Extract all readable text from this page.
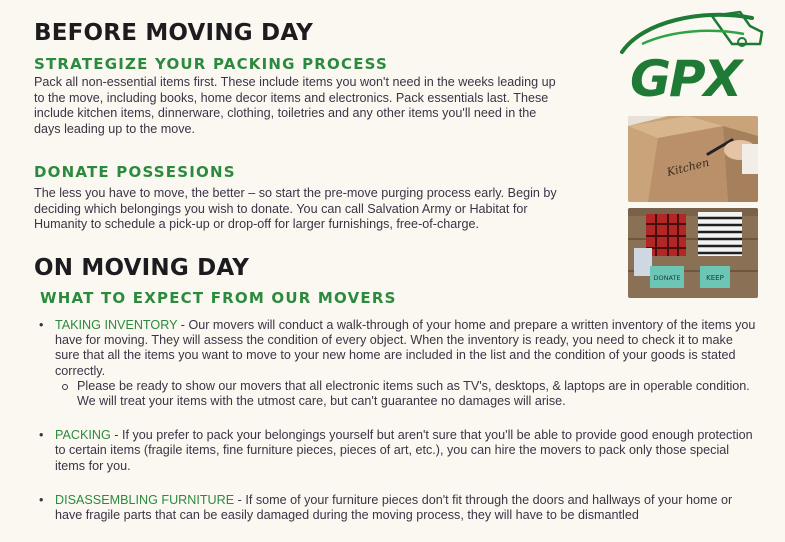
BEFORE MOVING DAY
STRATEGIZE YOUR PACKING PROCESS

Pack all non-essential items first. These include items you won't need in the weeks leading up to the move, including books, home decor items and electronics. Pack essentials last. These include kitchen items, dinnerware, clothing, toiletries and any other items you'll need in the days leading up to the move.

DONATE POSSESIONS

The less you have to move, the better – so start the pre-move purging process early. Begin by deciding which belongings you wish to donate. You can call Salvation Army or Habitat for Humanity to schedule a pick-up or drop-off for larger furnishings, free-of-charge.

ON MOVING DAY
WHAT TO EXPECT FROM OUR MOVERS
• TAKING INVENTORY - Our movers will conduct a walk-through of your home and prepare a written inventory of the items you have for moving. They will assess the condition of every object. When the inventory is ready, you need to check it to make sure that all the items you want to move to your new home are included in the list and the condition of your goods is stated correctly.
Please be ready to show our movers that all electronic items such as TV's, desktops, & laptops are in operable condition. We will treat your items with the utmost care, but can't guarantee no damages will arise.
• PACKING - If you prefer to pack your belongings yourself but aren't sure that you'll be able to provide good enough protection to certain items (fragile items, fine furniture pieces, pieces of art, etc.), you can hire the movers to pack only those special items for you.
• DISASSEMBLING FURNITURE - If some of your furniture pieces don't fit through the doors and hallways of your home or have fragile parts that can be easily damaged during the moving process, they will have to be dismantled
GPX
Kitchen
DONATE	KEEP
